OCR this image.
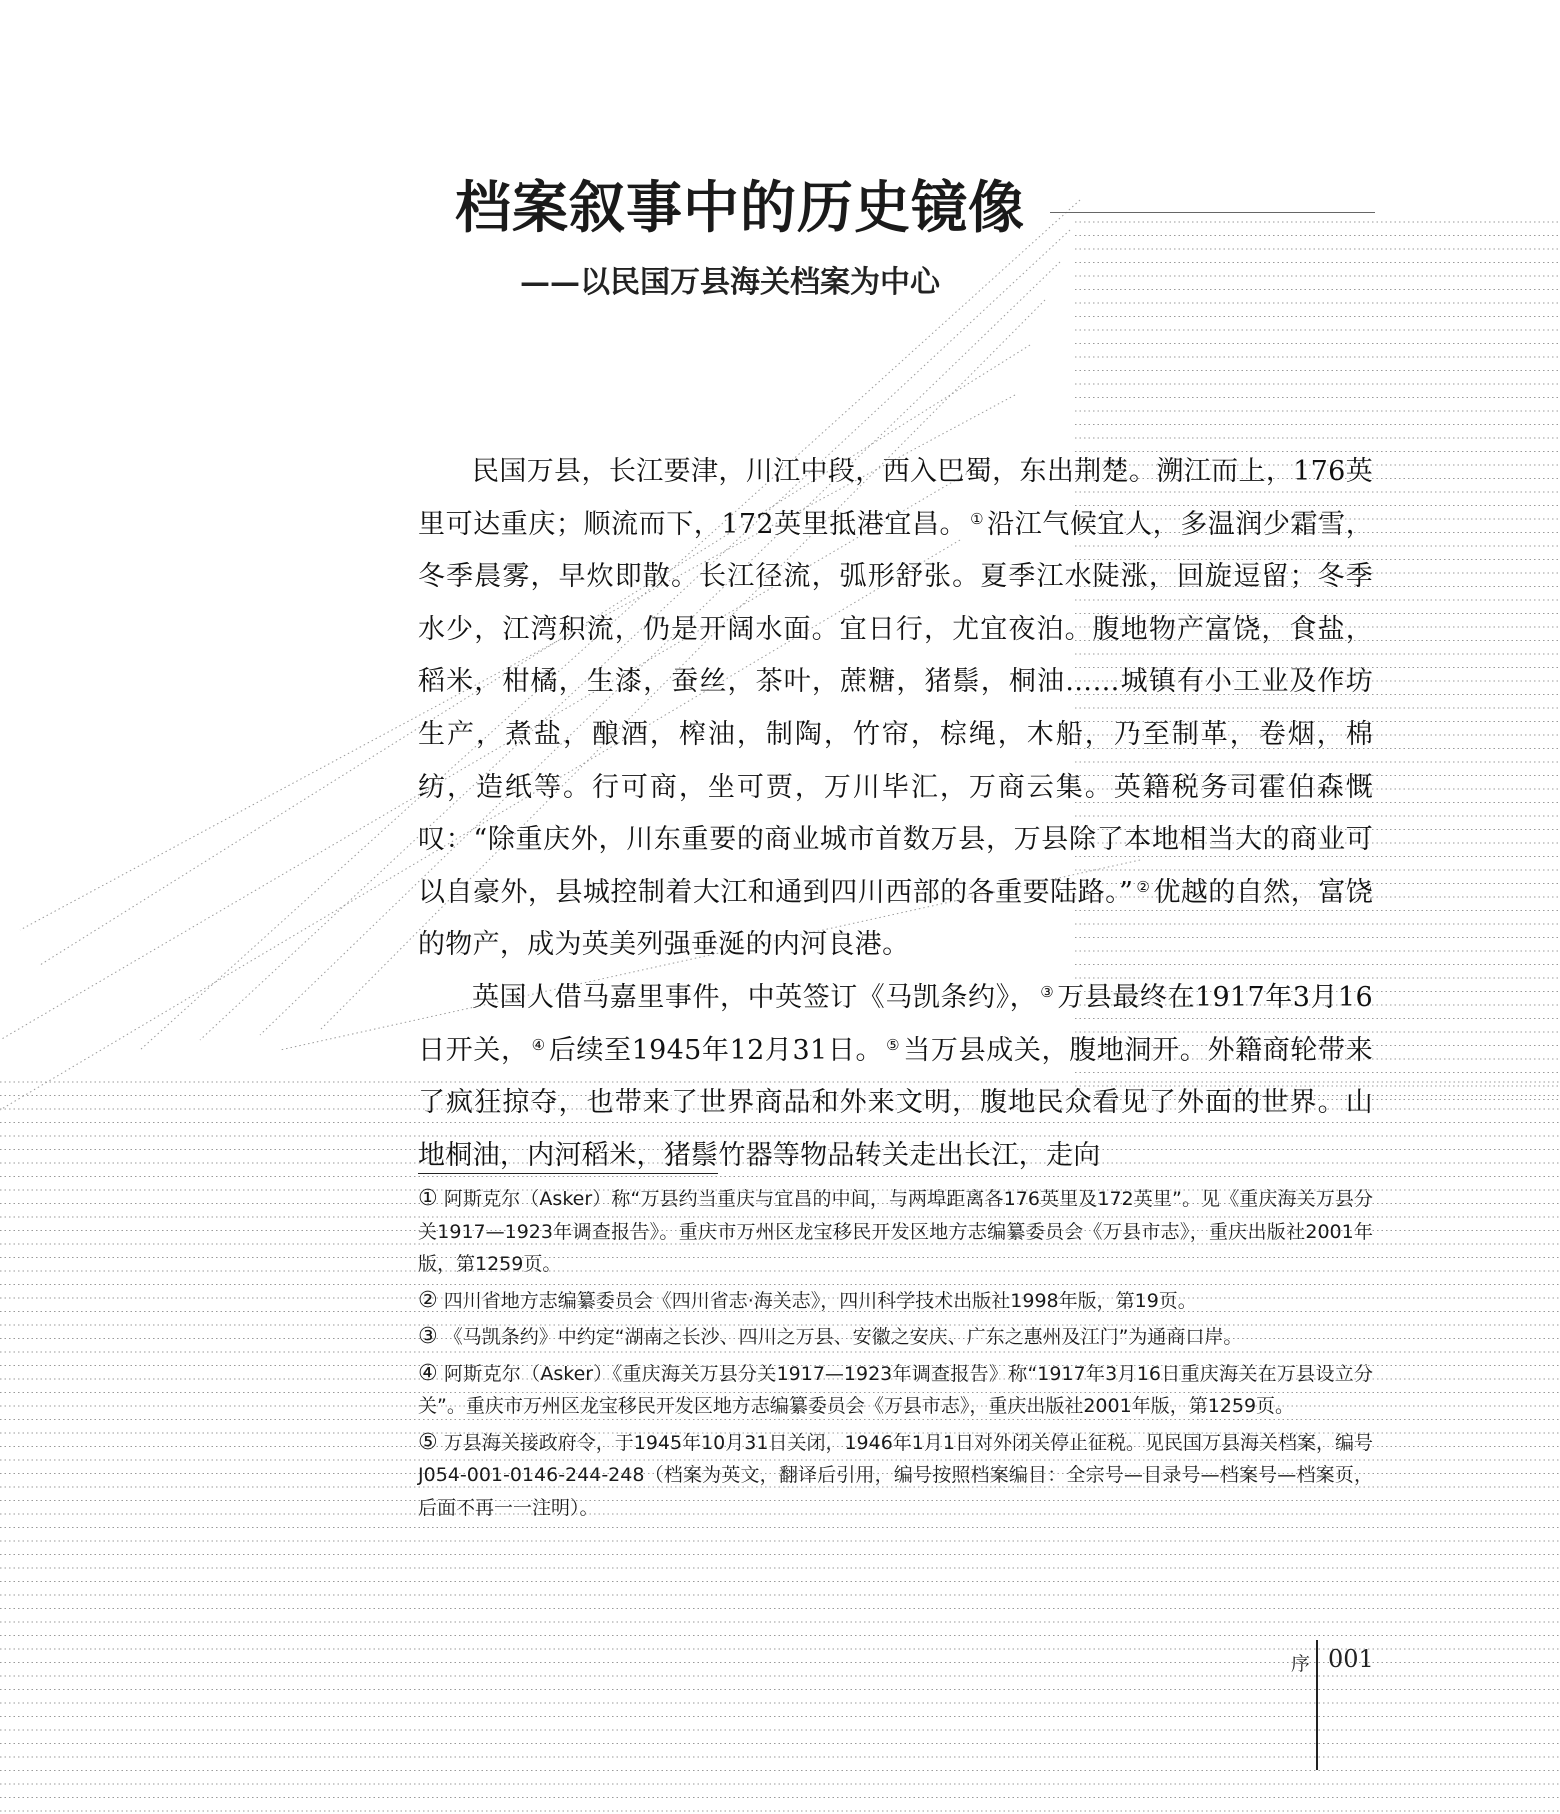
档案叙事中的历史镜像
——以民国万县海关档案为中心

民国万县，长江要津，川江中段，西入巴蜀，东出荆楚。溯江而上，176英里可达重庆；顺流而下，172英里抵港宜昌。 ① 沿江气候宜人，多温润少霜雪，冬季晨雾，早炊即散。长江径流，弧形舒张。夏季江水陡涨，回旋逗留；冬季水少，江湾积流，仍是开阔水面。宜日行，尤宜夜泊。腹地物产富饶，食盐，稻米，柑橘，生漆，蚕丝，茶叶，蔗糖，猪鬃，桐油……城镇有小工业及作坊生产，煮盐，酿酒，榨油，制陶，竹帘，棕绳，木船，乃至制革，卷烟，棉纺，造纸等。行可商，坐可贾，万川毕汇，万商云集。英籍税务司霍伯森慨叹：“除重庆外，川东重要的商业城市首数万县，万县除了本地相当大的商业可以自豪外，县城控制着大江和通到四川西部的各重要陆路。” ② 优越的自然，富饶的物产，成为英美列强垂涎的内河良港。

英国人借马嘉里事件，中英签订《马凯条约》， ③ 万县最终在1917年3月16日开关， ④ 后续至1945年12月31日。 ⑤ 当万县成关，腹地洞开。外籍商轮带来了疯狂掠夺，也带来了世界商品和外来文明，腹地民众看见了外面的世界。山地桐油，内河稻米，猪鬃竹器等物品转关走出长江，走向

① 阿斯克尔（Asker）称“万县约当重庆与宜昌的中间，与两埠距离各176英里及172英里”。见《重庆海关万县分关1917—1923年调查报告》。重庆市万州区龙宝移民开发区地方志编纂委员会《万县市志》，重庆出版社2001年版，第1259页。

② 四川省地方志编纂委员会《四川省志·海关志》，四川科学技术出版社1998年版，第19页。

③ 《马凯条约》中约定“湖南之长沙、四川之万县、安徽之安庆、广东之惠州及江门”为通商口岸。

④ 阿斯克尔（Asker）《重庆海关万县分关1917—1923年调查报告》称“1917年3月16日重庆海关在万县设立分关”。重庆市万州区龙宝移民开发区地方志编纂委员会《万县市志》，重庆出版社2001年版，第1259页。

⑤ 万县海关接政府令，于1945年10月31日关闭，1946年1月1日对外闭关停止征税。见民国万县海关档案，编号J054-001-0146-244-248（档案为英文，翻译后引用，编号按照档案编目：全宗号—目录号—档案号—档案页，后面不再一一注明）。

序 001
